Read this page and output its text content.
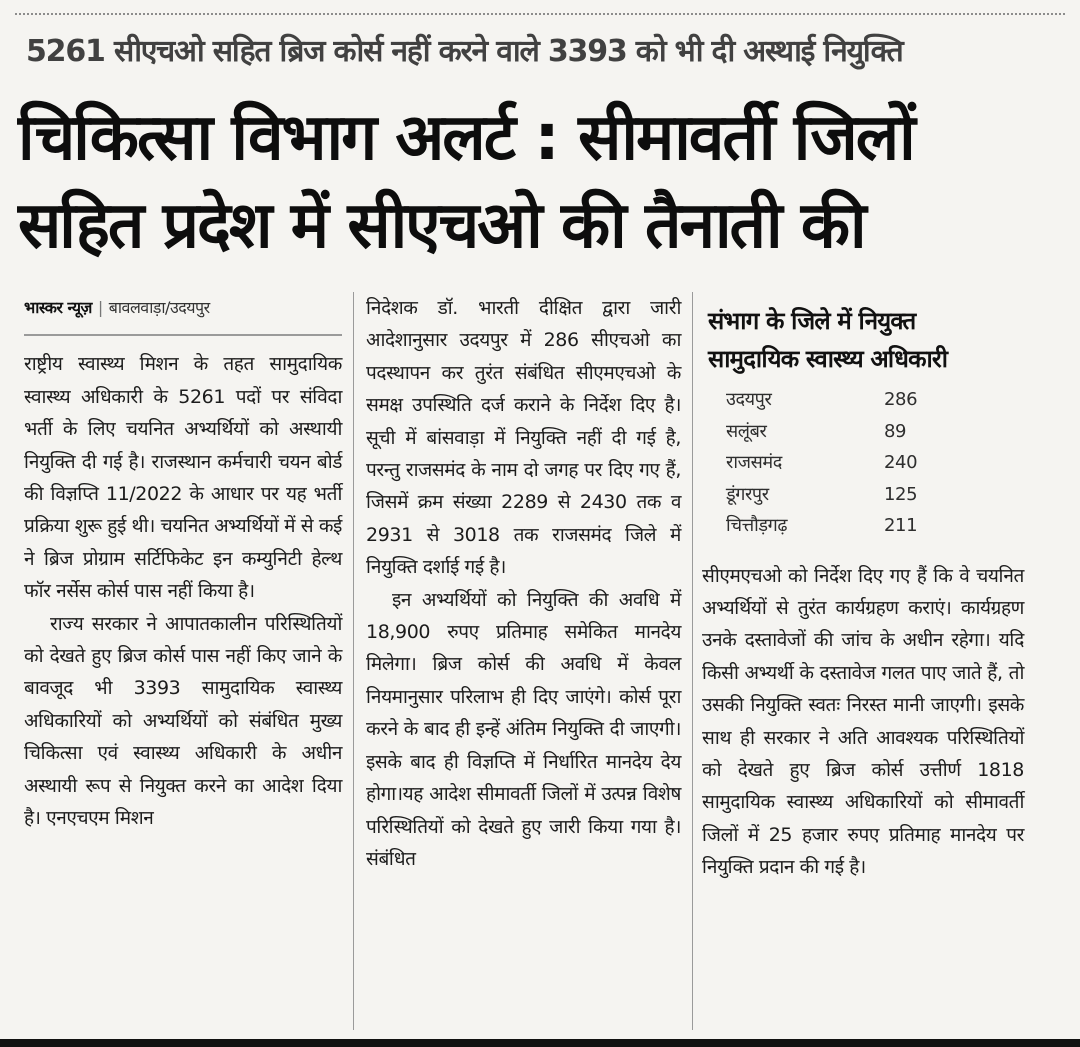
5261 सीएचओ सहित ब्रिज कोर्स नहीं करने वाले 3393 को भी दी अस्थाई नियुक्ति
चिकित्सा विभाग अलर्ट : सीमावर्ती जिलों
सहित प्रदेश में सीएचओ की तैनाती की
भास्कर न्यूज़ | बावलवाड़ा/उदयपुर

राष्ट्रीय स्वास्थ्य मिशन के तहत सामुदायिक स्वास्थ्य अधिकारी के 5261 पदों पर संविदा भर्ती के लिए चयनित अभ्यर्थियों को अस्थायी नियुक्ति दी गई है। राजस्थान कर्मचारी चयन बोर्ड की विज्ञप्ति 11/2022 के आधार पर यह भर्ती प्रक्रिया शुरू हुई थी। चयनित अभ्यर्थियों में से कई ने ब्रिज प्रोग्राम सर्टिफिकेट इन कम्युनिटी हेल्थ फॉर नर्सेस कोर्स पास नहीं किया है।

राज्य सरकार ने आपातकालीन परिस्थितियों को देखते हुए ब्रिज कोर्स पास नहीं किए जाने के बावजूद भी 3393 सामुदायिक स्वास्थ्य अधिकारियों को अभ्यर्थियों को संबंधित मुख्य चिकित्सा एवं स्वास्थ्य अधिकारी के अधीन अस्थायी रूप से नियुक्त करने का आदेश दिया है। एनएचएम मिशन

निदेशक डॉ. भारती दीक्षित द्वारा जारी आदेशानुसार उदयपुर में 286 सीएचओ का पदस्थापन कर तुरंत संबंधित सीएमएचओ के समक्ष उपस्थिति दर्ज कराने के निर्देश दिए है। सूची में बांसवाड़ा में नियुक्ति नहीं दी गई है, परन्तु राजसमंद के नाम दो जगह पर दिए गए हैं, जिसमें क्रम संख्या 2289 से 2430 तक व 2931 से 3018 तक राजसमंद जिले में नियुक्ति दर्शाई गई है।

इन अभ्यर्थियों को नियुक्ति की अवधि में 18,900 रुपए प्रतिमाह समेकित मानदेय मिलेगा। ब्रिज कोर्स की अवधि में केवल नियमानुसार परिलाभ ही दिए जाएंगे। कोर्स पूरा करने के बाद ही इन्हें अंतिम नियुक्ति दी जाएगी। इसके बाद ही विज्ञप्ति में निर्धारित मानदेय देय होगा।यह आदेश सीमावर्ती जिलों में उत्पन्न विशेष परिस्थितियों को देखते हुए जारी किया गया है। संबंधित

संभाग के जिले में नियुक्त
सामुदायिक स्वास्थ्य अधिकारी
उदयपुर	286
सलूंबर	89
राजसमंद	240
डूंगरपुर	125
चित्तौड़गढ़	211

सीएमएचओ को निर्देश दिए गए हैं कि वे चयनित अभ्यर्थियों से तुरंत कार्यग्रहण कराएं। कार्यग्रहण उनके दस्तावेजों की जांच के अधीन रहेगा। यदि किसी अभ्यर्थी के दस्तावेज गलत पाए जाते हैं, तो उसकी नियुक्ति स्वतः निरस्त मानी जाएगी। इसके साथ ही सरकार ने अति आवश्यक परिस्थितियों को देखते हुए ब्रिज कोर्स उत्तीर्ण 1818 सामुदायिक स्वास्थ्य अधिकारियों को सीमावर्ती जिलों में 25 हजार रुपए प्रतिमाह मानदेय पर नियुक्ति प्रदान की गई है।
